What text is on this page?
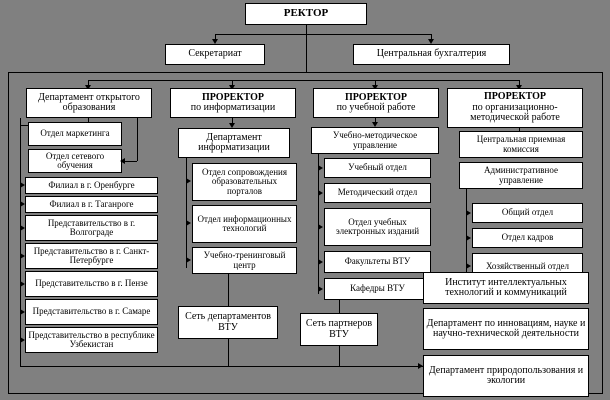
РЕКТОР
Секретариат	Центральная бухгалтерия
Департамент открытого образования
Отдел маркетинга
Отдел сетевого обучения
Филиал в г. Оренбурге
Филиал в г. Таганроге
Представительство в г. Волгограде
Представительство в г. Санкт-Петербурге
Представительство в г. Пензе
Представительство в г. Самаре
Представительство в республике Узбекистан
ПРОРЕКТОР
по информатизации
Департамент информатизации
Отдел сопровождения образовательных порталов
Отдел информационных технологий
Учебно-тренинговый центр
Сеть департаментов ВТУ
ПРОРЕКТОР
по учебной работе
Учебно-методическое управление
Учебный отдел
Методический отдел
Отдел учебных электронных изданий
Факультеты ВТУ
Кафедры ВТУ
Сеть партнеров ВТУ
ПРОРЕКТОР
по организационно-методической работе
Центральная приемная комиссия
Административное управление
Общий отдел
Отдел кадров
Хозяйственный отдел
Институт интеллектуальных технологий и коммуникаций
Департамент по инновациям, науке и научно-технической деятельности
Департамент природопользования и экологии
